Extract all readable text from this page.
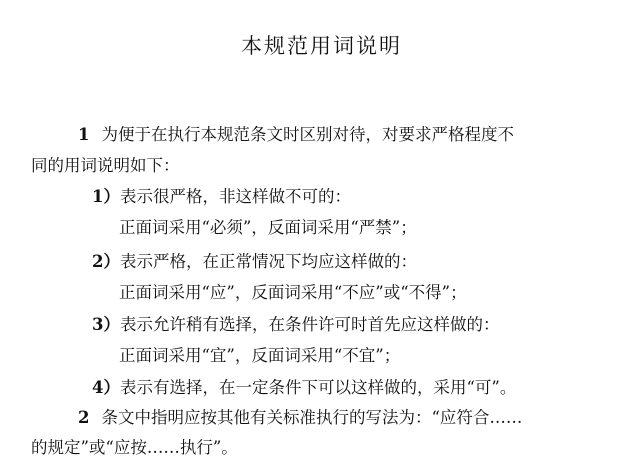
本规范用词说明
1 为便于在执行本规范条文时区别对待，对要求严格程度不
同的用词说明如下：
1）表示很严格，非这样做不可的：
正面词采用“必须”，反面词采用“严禁”；
2）表示严格，在正常情况下均应这样做的：
正面词采用“应”，反面词采用“不应”或“不得”；
3）表示允许稍有选择，在条件许可时首先应这样做的：
正面词采用“宜”，反面词采用“不宜”；
4）表示有选择，在一定条件下可以这样做的，采用“可”。
2 条文中指明应按其他有关标准执行的写法为：“应符合……
的规定”或“应按……执行”。
